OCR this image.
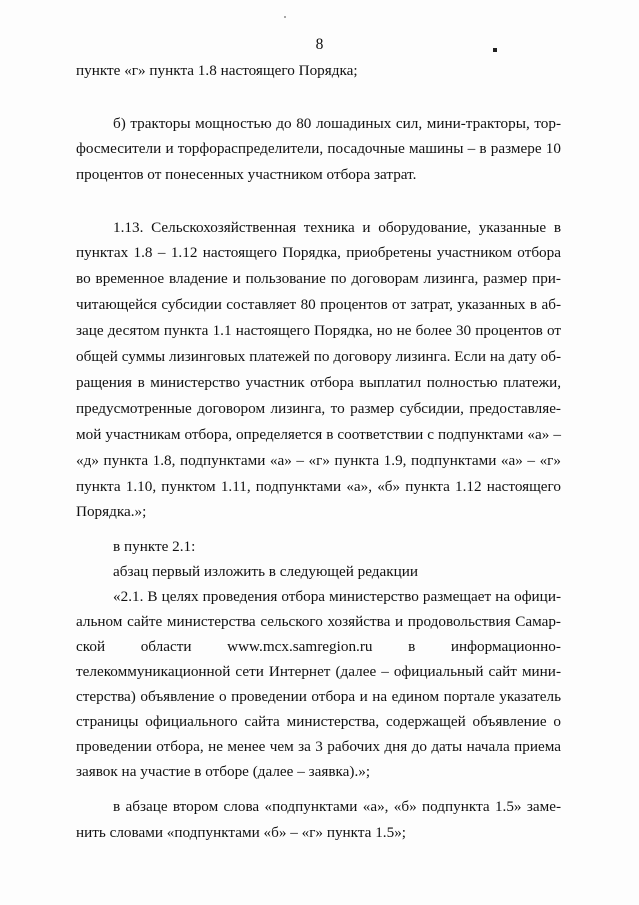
8
пункте «г» пункта 1.8 настоящего Порядка;
б) тракторы мощностью до 80 лошадиных сил, мини-тракторы, тор-
фосмесители и торфораспределители, посадочные машины – в размере 10
процентов от понесенных участником отбора затрат.
1.13. Сельскохозяйственная техника и оборудование, указанные в
пунктах 1.8 – 1.12 настоящего Порядка, приобретены участником отбора
во временное владение и пользование по договорам лизинга, размер при-
читающейся субсидии составляет 80 процентов от затрат, указанных в аб-
заце десятом пункта 1.1 настоящего Порядка, но не более 30 процентов от
общей суммы лизинговых платежей по договору лизинга. Если на дату об-
ращения в министерство участник отбора выплатил полностью платежи,
предусмотренные договором лизинга, то размер субсидии, предоставляе-
мой участникам отбора, определяется в соответствии с подпунктами «а» –
«д» пункта 1.8, подпунктами «а» – «г» пункта 1.9, подпунктами «а» – «г»
пункта 1.10, пунктом 1.11, подпунктами «а», «б» пункта 1.12 настоящего
Порядка.»;
в пункте 2.1:
абзац первый изложить в следующей редакции
«2.1. В целях проведения отбора министерство размещает на офици-
альном сайте министерства сельского хозяйства и продовольствия Самар-
ской области www.mcx.samregion.ru в информационно-
телекоммуникационной сети Интернет (далее – официальный сайт мини-
стерства) объявление о проведении отбора и на едином портале указатель
страницы официального сайта министерства, содержащей объявление о
проведении отбора, не менее чем за 3 рабочих дня до даты начала приема
заявок на участие в отборе (далее – заявка).»;
в абзаце втором слова «подпунктами «а», «б» подпункта 1.5» заме-
нить словами «подпунктами «б» – «г» пункта 1.5»;
